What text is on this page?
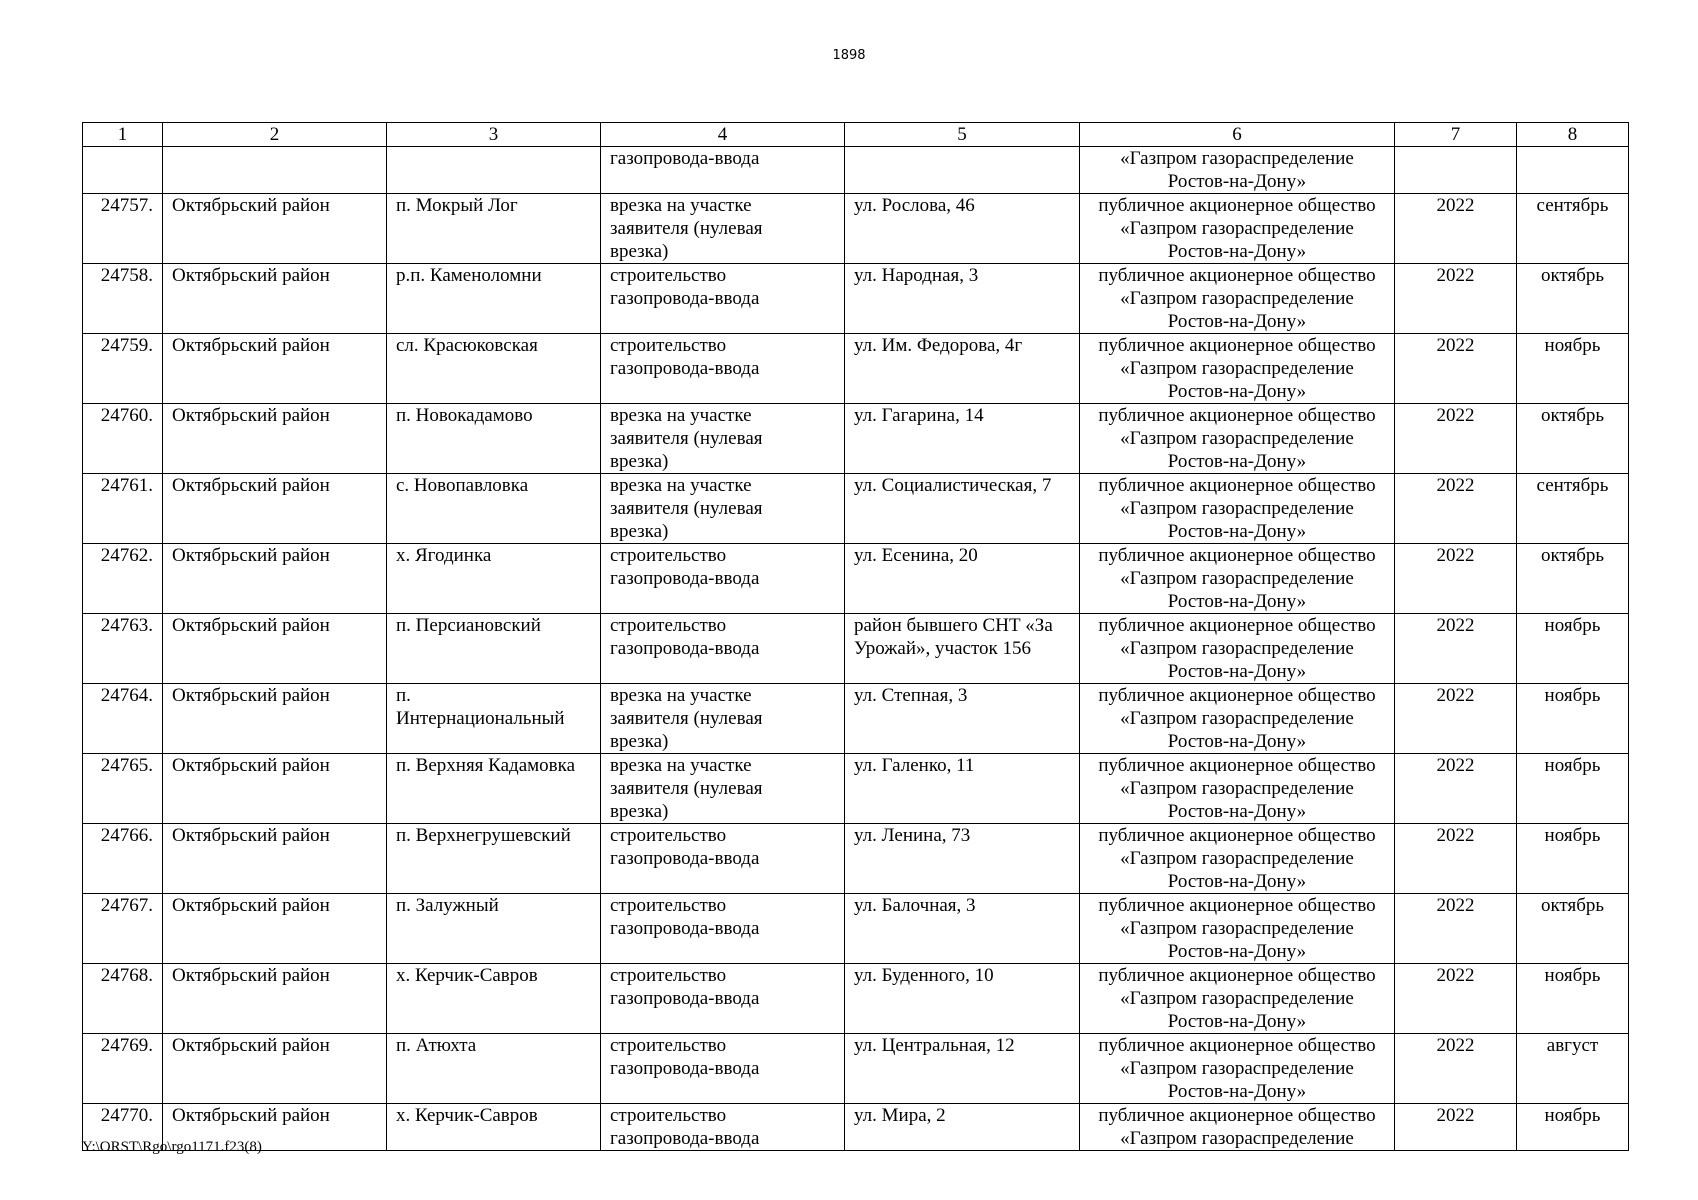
1898
1	2	3	4	5	6	7	8
			газопровода-ввода		«Газпром газораспределение
Ростов-на-Дону»		
24757.	Октябрьский район	п. Мокрый Лог	врезка на участке
заявителя (нулевая
врезка)	ул. Рослова, 46	публичное акционерное общество
«Газпром газораспределение
Ростов-на-Дону»	2022	сентябрь
24758.	Октябрьский район	р.п. Каменоломни	строительство
газопровода-ввода	ул. Народная, 3	публичное акционерное общество
«Газпром газораспределение
Ростов-на-Дону»	2022	октябрь
24759.	Октябрьский район	сл. Красюковская	строительство
газопровода-ввода	ул. Им. Федорова, 4г	публичное акционерное общество
«Газпром газораспределение
Ростов-на-Дону»	2022	ноябрь
24760.	Октябрьский район	п. Новокадамово	врезка на участке
заявителя (нулевая
врезка)	ул. Гагарина, 14	публичное акционерное общество
«Газпром газораспределение
Ростов-на-Дону»	2022	октябрь
24761.	Октябрьский район	с. Новопавловка	врезка на участке
заявителя (нулевая
врезка)	ул. Социалистическая, 7	публичное акционерное общество
«Газпром газораспределение
Ростов-на-Дону»	2022	сентябрь
24762.	Октябрьский район	х. Ягодинка	строительство
газопровода-ввода	ул. Есенина, 20	публичное акционерное общество
«Газпром газораспределение
Ростов-на-Дону»	2022	октябрь
24763.	Октябрьский район	п. Персиановский	строительство
газопровода-ввода	район бывшего СНТ «За
Урожай», участок 156	публичное акционерное общество
«Газпром газораспределение
Ростов-на-Дону»	2022	ноябрь
24764.	Октябрьский район	п.
Интернациональный	врезка на участке
заявителя (нулевая
врезка)	ул. Степная, 3	публичное акционерное общество
«Газпром газораспределение
Ростов-на-Дону»	2022	ноябрь
24765.	Октябрьский район	п. Верхняя Кадамовка	врезка на участке
заявителя (нулевая
врезка)	ул. Галенко, 11	публичное акционерное общество
«Газпром газораспределение
Ростов-на-Дону»	2022	ноябрь
24766.	Октябрьский район	п. Верхнегрушевский	строительство
газопровода-ввода	ул. Ленина, 73	публичное акционерное общество
«Газпром газораспределение
Ростов-на-Дону»	2022	ноябрь
24767.	Октябрьский район	п. Залужный	строительство
газопровода-ввода	ул. Балочная, 3	публичное акционерное общество
«Газпром газораспределение
Ростов-на-Дону»	2022	октябрь
24768.	Октябрьский район	х. Керчик-Савров	строительство
газопровода-ввода	ул. Буденного, 10	публичное акционерное общество
«Газпром газораспределение
Ростов-на-Дону»	2022	ноябрь
24769.	Октябрьский район	п. Атюхта	строительство
газопровода-ввода	ул. Центральная, 12	публичное акционерное общество
«Газпром газораспределение
Ростов-на-Дону»	2022	август
24770.	Октябрьский район	х. Керчик-Савров	строительство
газопровода-ввода	ул. Мира, 2	публичное акционерное общество
«Газпром газораспределение	2022	ноябрь
Y:\ORST\Rgo\rgo1171.f23(8)
